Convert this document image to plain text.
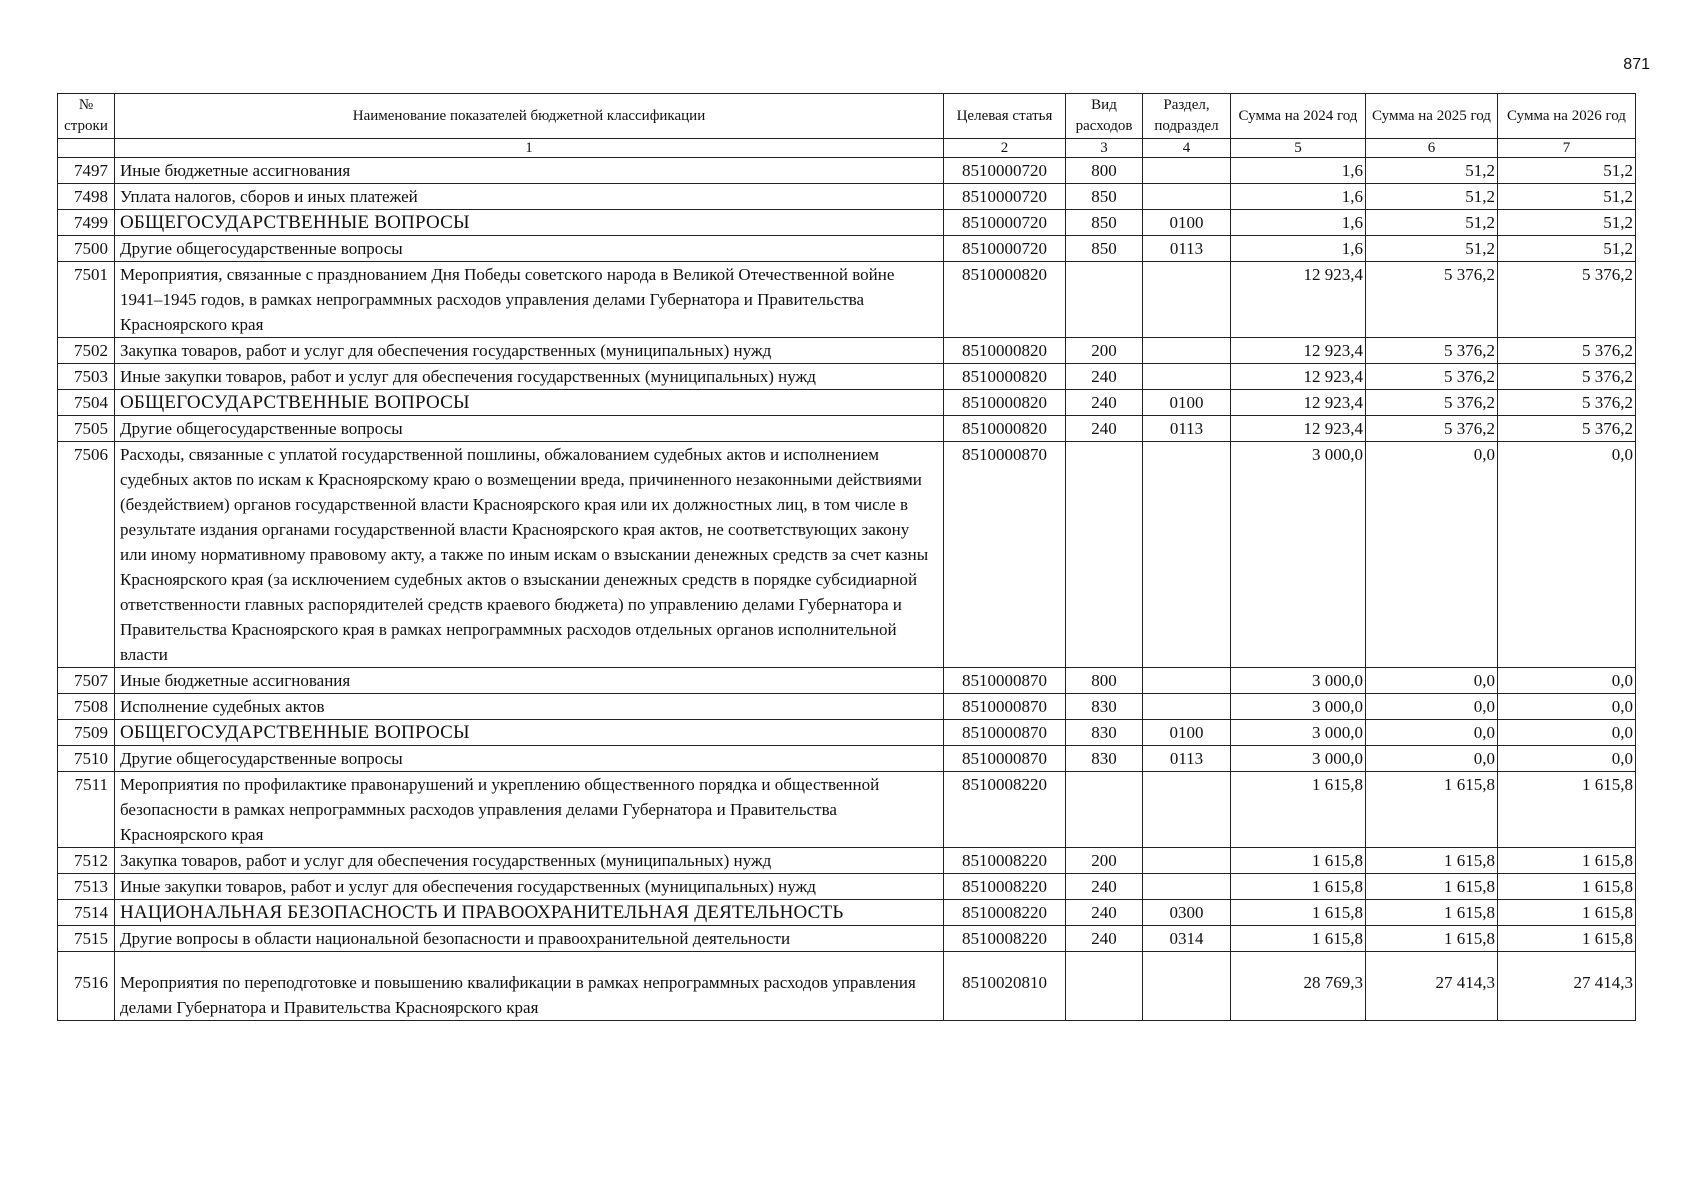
871
№ строки	Наименование показателей бюджетной классификации	Целевая статья	Вид расходов	Раздел, подраздел	Сумма на 2024 год	Сумма на 2025 год	Сумма на 2026 год
	1	2	3	4	5	6	7
7497	Иные бюджетные ассигнования	8510000720	800		1,6	51,2	51,2
7498	Уплата налогов, сборов и иных платежей	8510000720	850		1,6	51,2	51,2
7499	ОБЩЕГОСУДАРСТВЕННЫЕ ВОПРОСЫ	8510000720	850	0100	1,6	51,2	51,2
7500	Другие общегосударственные вопросы	8510000720	850	0113	1,6	51,2	51,2
7501	Мероприятия, связанные с празднованием Дня Победы советского народа в Великой Отечественной войне 1941–1945 годов, в рамках непрограммных расходов управления делами Губернатора и Правительства Красноярского края	8510000820			12 923,4	5 376,2	5 376,2
7502	Закупка товаров, работ и услуг для обеспечения государственных (муниципальных) нужд	8510000820	200		12 923,4	5 376,2	5 376,2
7503	Иные закупки товаров, работ и услуг для обеспечения государственных (муниципальных) нужд	8510000820	240		12 923,4	5 376,2	5 376,2
7504	ОБЩЕГОСУДАРСТВЕННЫЕ ВОПРОСЫ	8510000820	240	0100	12 923,4	5 376,2	5 376,2
7505	Другие общегосударственные вопросы	8510000820	240	0113	12 923,4	5 376,2	5 376,2
7506	Расходы, связанные с уплатой государственной пошлины, обжалованием судебных актов и исполнением судебных актов по искам к Красноярскому краю о возмещении вреда, причиненного незаконными действиями (бездействием) органов государственной власти Красноярского края или их должностных лиц, в том числе в результате издания органами государственной власти Красноярского края актов, не соответствующих закону или иному нормативному правовому акту, а также по иным искам о взыскании денежных средств за счет казны Красноярского края (за исключением судебных актов о взыскании денежных средств в порядке субсидиарной ответственности главных распорядителей средств краевого бюджета) по управлению делами Губернатора и Правительства Красноярского края в рамках непрограммных расходов отдельных органов исполнительной власти	8510000870			3 000,0	0,0	0,0
7507	Иные бюджетные ассигнования	8510000870	800		3 000,0	0,0	0,0
7508	Исполнение судебных актов	8510000870	830		3 000,0	0,0	0,0
7509	ОБЩЕГОСУДАРСТВЕННЫЕ ВОПРОСЫ	8510000870	830	0100	3 000,0	0,0	0,0
7510	Другие общегосударственные вопросы	8510000870	830	0113	3 000,0	0,0	0,0
7511	Мероприятия по профилактике правонарушений и укреплению общественного порядка и общественной безопасности в рамках непрограммных расходов управления делами Губернатора и Правительства Красноярского края	8510008220			1 615,8	1 615,8	1 615,8
7512	Закупка товаров, работ и услуг для обеспечения государственных (муниципальных) нужд	8510008220	200		1 615,8	1 615,8	1 615,8
7513	Иные закупки товаров, работ и услуг для обеспечения государственных (муниципальных) нужд	8510008220	240		1 615,8	1 615,8	1 615,8
7514	НАЦИОНАЛЬНАЯ БЕЗОПАСНОСТЬ И ПРАВООХРАНИТЕЛЬНАЯ ДЕЯТЕЛЬНОСТЬ	8510008220	240	0300	1 615,8	1 615,8	1 615,8
7515	Другие вопросы в области национальной безопасности и правоохранительной деятельности	8510008220	240	0314	1 615,8	1 615,8	1 615,8
7516	Мероприятия по переподготовке и повышению квалификации в рамках непрограммных расходов управления делами Губернатора и Правительства Красноярского края	8510020810			28 769,3	27 414,3	27 414,3
